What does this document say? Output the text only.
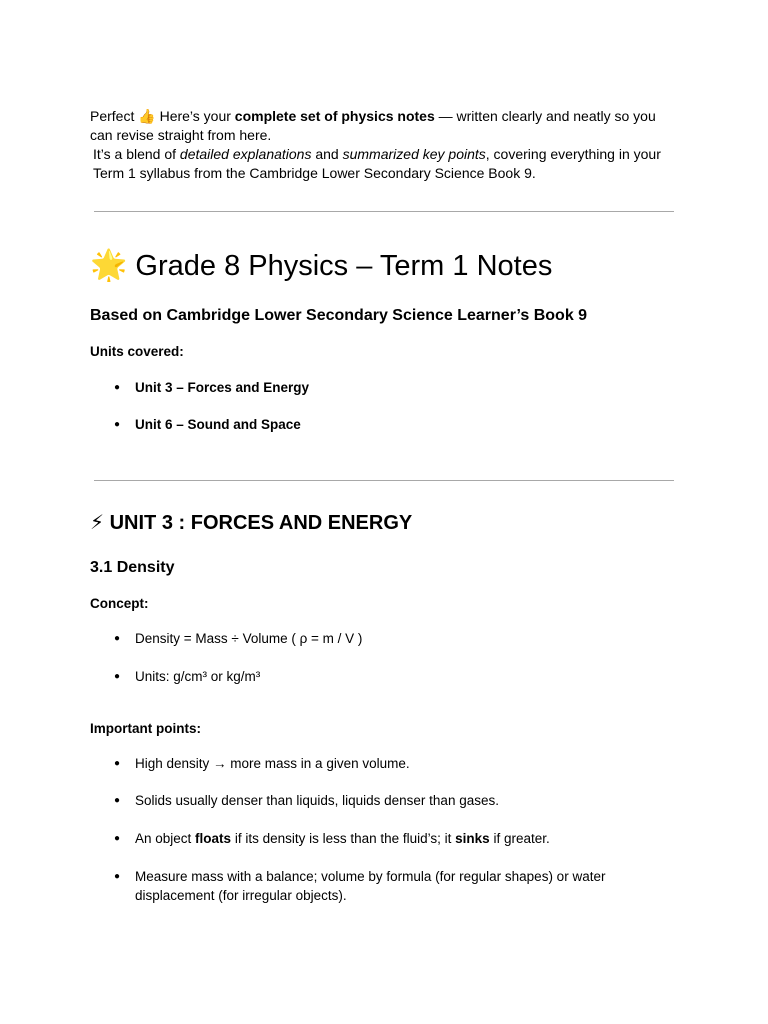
Perfect 👍 Here’s your complete set of physics notes — written clearly and neatly so you can revise straight from here.

It’s a blend of detailed explanations and summarized key points, covering everything in your Term 1 syllabus from the Cambridge Lower Secondary Science Book 9.

🌟 Grade 8 Physics – Term 1 Notes
Based on Cambridge Lower Secondary Science Learner’s Book 9

Units covered:

● Unit 3 – Forces and Energy
● Unit 6 – Sound and Space
⚡ UNIT 3 : FORCES AND ENERGY
3.1 Density

Concept:

● Density = Mass ÷ Volume ( ρ = m / V )
● Units: g/cm³ or kg/m³

Important points:

● High density → more mass in a given volume.
● Solids usually denser than liquids, liquids denser than gases.
● An object floats if its density is less than the fluid’s; it sinks if greater.
● Measure mass with a balance; volume by formula (for regular shapes) or water displacement (for irregular objects).
